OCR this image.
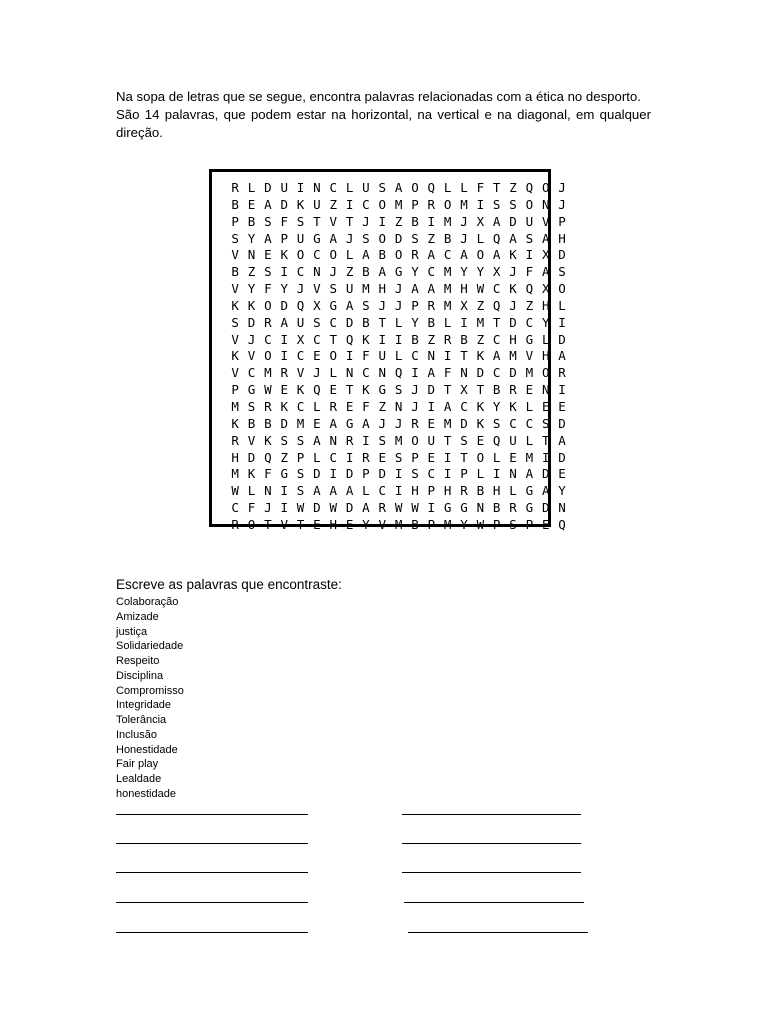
Na sopa de letras que se segue, encontra palavras relacionadas com a ética no desporto.

São 14 palavras, que podem estar na horizontal, na vertical e na diagonal, em qualquer direção.

R L D U I N C L U S A O Q L L F T Z Q O J
B E A D K U Z I C O M P R O M I S S O N J
P B S F S T V T J I Z B I M J X A D U V P
S Y A P U G A J S O D S Z B J L Q A S A H
V N E K O C O L A B O R A C A O A K I X D
B Z S I C N J Z B A G Y C M Y Y X J F A S
V Y F Y J V S U M H J A A M H W C K Q X O
K K O D Q X G A S J J P R M X Z Q J Z H L
S D R A U S C D B T L Y B L I M T D C Y I
V J C I X C T Q K I I B Z R B Z C H G L D
K V O I C E O I F U L C N I T K A M V H A
V C M R V J L N C N Q I A F N D C D M O R
P G W E K Q E T K G S J D T X T B R E N I
M S R K C L R E F Z N J I A C K Y K L E E
K B B D M E A G A J J R E M D K S C C S D
R V K S S A N R I S M O U T S E Q U L T A
H D Q Z P L C I R E S P E I T O L E M I D
M K F G S D I D P D I S C I P L I N A D E
W L N I S A A A L C I H P H R B H L G A Y
C F J I W D W D A R W W I G G N B R G D N
R O T V T E H E Y V M B P M Y W P S P E Q
Escreve as palavras que encontraste:
Colaboração
Amizade
justiça
Solidariedade
Respeito
Disciplina
Compromisso
Integridade
Tolerância
Inclusão
Honestidade
Fair play
Lealdade
honestidade
